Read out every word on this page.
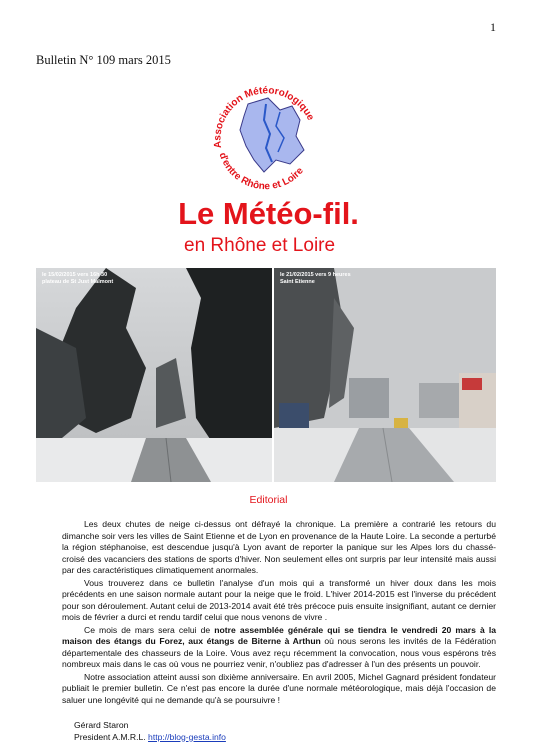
1
Bulletin N° 109 mars 2015
Association Météorologique
d'entre Rhône et Loire
Le Météo-fil.
en Rhône et Loire
le 15/02/2015 vers 16h 30
plateau de St Just Malmont
le 21/02/2015 vers 9 heures
Saint Etienne
Editorial

Les deux chutes de neige ci-dessus ont défrayé la chronique. La première a contrarié les retours du dimanche soir vers les villes de Saint Etienne et de Lyon en provenance de la Haute Loire. La seconde a perturbé la région stéphanoise, est descendue jusqu'à Lyon avant de reporter la panique sur les Alpes lors du chassé-croisé des vacanciers des stations de sports d'hiver. Non seulement elles ont surpris par leur intensité mais aussi par des caractéristiques climatiquement anormales.

Vous trouverez dans ce bulletin l'analyse d'un mois qui a transformé un hiver doux dans les mois précédents en une saison normale autant pour la neige que le froid. L'hiver 2014-2015 est l'inverse du précédent pour son déroulement. Autant celui de 2013-2014 avait été très précoce puis ensuite insignifiant, autant ce dernier mois de février a durci et rendu tardif celui que nous venons de vivre .

Ce mois de mars sera celui de notre assemblée générale qui se tiendra le vendredi 20 mars à la maison des étangs du Forez, aux étangs de Biterne à Arthun où nous serons les invités de la Fédération départementale des chasseurs de la Loire. Vous avez reçu récemment la convocation, nous vous espérons très nombreux mais dans le cas où vous ne pourriez venir, n'oubliez pas d'adresser à l'un des présents un pouvoir.

Notre association atteint aussi son dixième anniversaire. En avril 2005, Michel Gagnard président fondateur publiait le premier bulletin. Ce n'est pas encore la durée d'une normale météorologique, mais déjà l'occasion de saluer une longévité qui ne demande qu'à se poursuivre !

Gérard Staron
President A.M.R.L. http://blog-gesta.info
